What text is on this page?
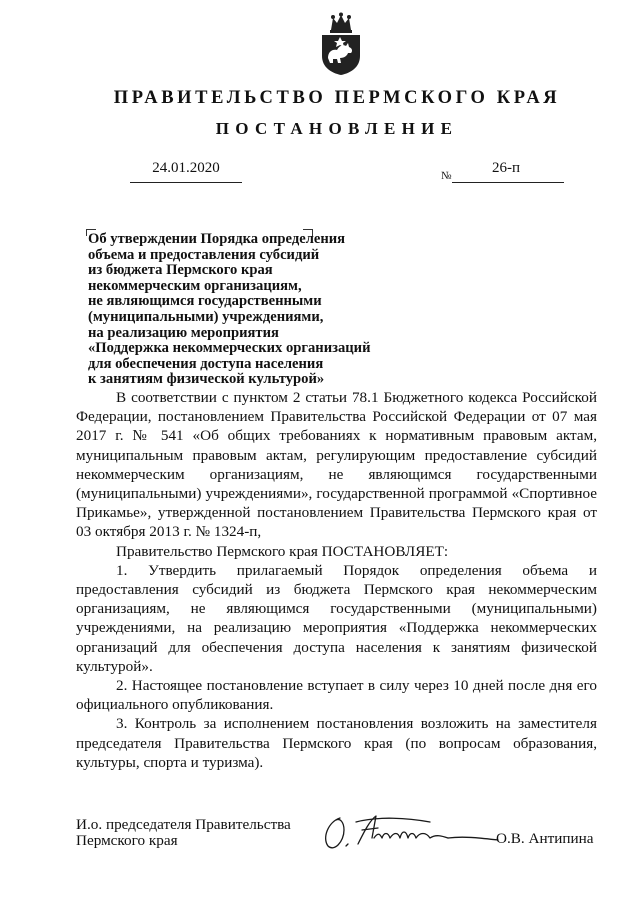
ПРАВИТЕЛЬСТВО ПЕРМСКОГО КРАЯ
ПОСТАНОВЛЕНИЕ
24.01.2020	№	26-п
Об утверждении Порядка определения
объема и предоставления субсидий
из бюджета Пермского края
некоммерческим организациям,
не являющимся государственными
(муниципальными) учреждениями,
на реализацию мероприятия
«Поддержка некоммерческих организаций
для обеспечения доступа населения
к занятиям физической культурой»

В соответствии с пунктом 2 статьи 78.1 Бюджетного кодекса Российской Федерации, постановлением Правительства Российской Федерации от 07 мая 2017 г. № 541 «Об общих требованиях к нормативным правовым актам, муниципальным правовым актам, регулирующим предоставление субсидий некоммерческим организациям, не являющимся государственными (муниципальными) учреждениями», государственной программой «Спортивное Прикамье», утвержденной постановлением Правительства Пермского края от 03 октября 2013 г. № 1324-п,

Правительство Пермского края ПОСТАНОВЛЯЕТ:

1. Утвердить прилагаемый Порядок определения объема и предоставления субсидий из бюджета Пермского края некоммерческим организациям, не являющимся государственными (муниципальными) учреждениями, на реализацию мероприятия «Поддержка некоммерческих организаций для обеспечения доступа населения к занятиям физической культурой».

2. Настоящее постановление вступает в силу через 10 дней после дня его официального опубликования.

3. Контроль за исполнением постановления возложить на заместителя председателя Правительства Пермского края (по вопросам образования, культуры, спорта и туризма).

И.о. председателя Правительства
Пермского края	О.В. Антипина
